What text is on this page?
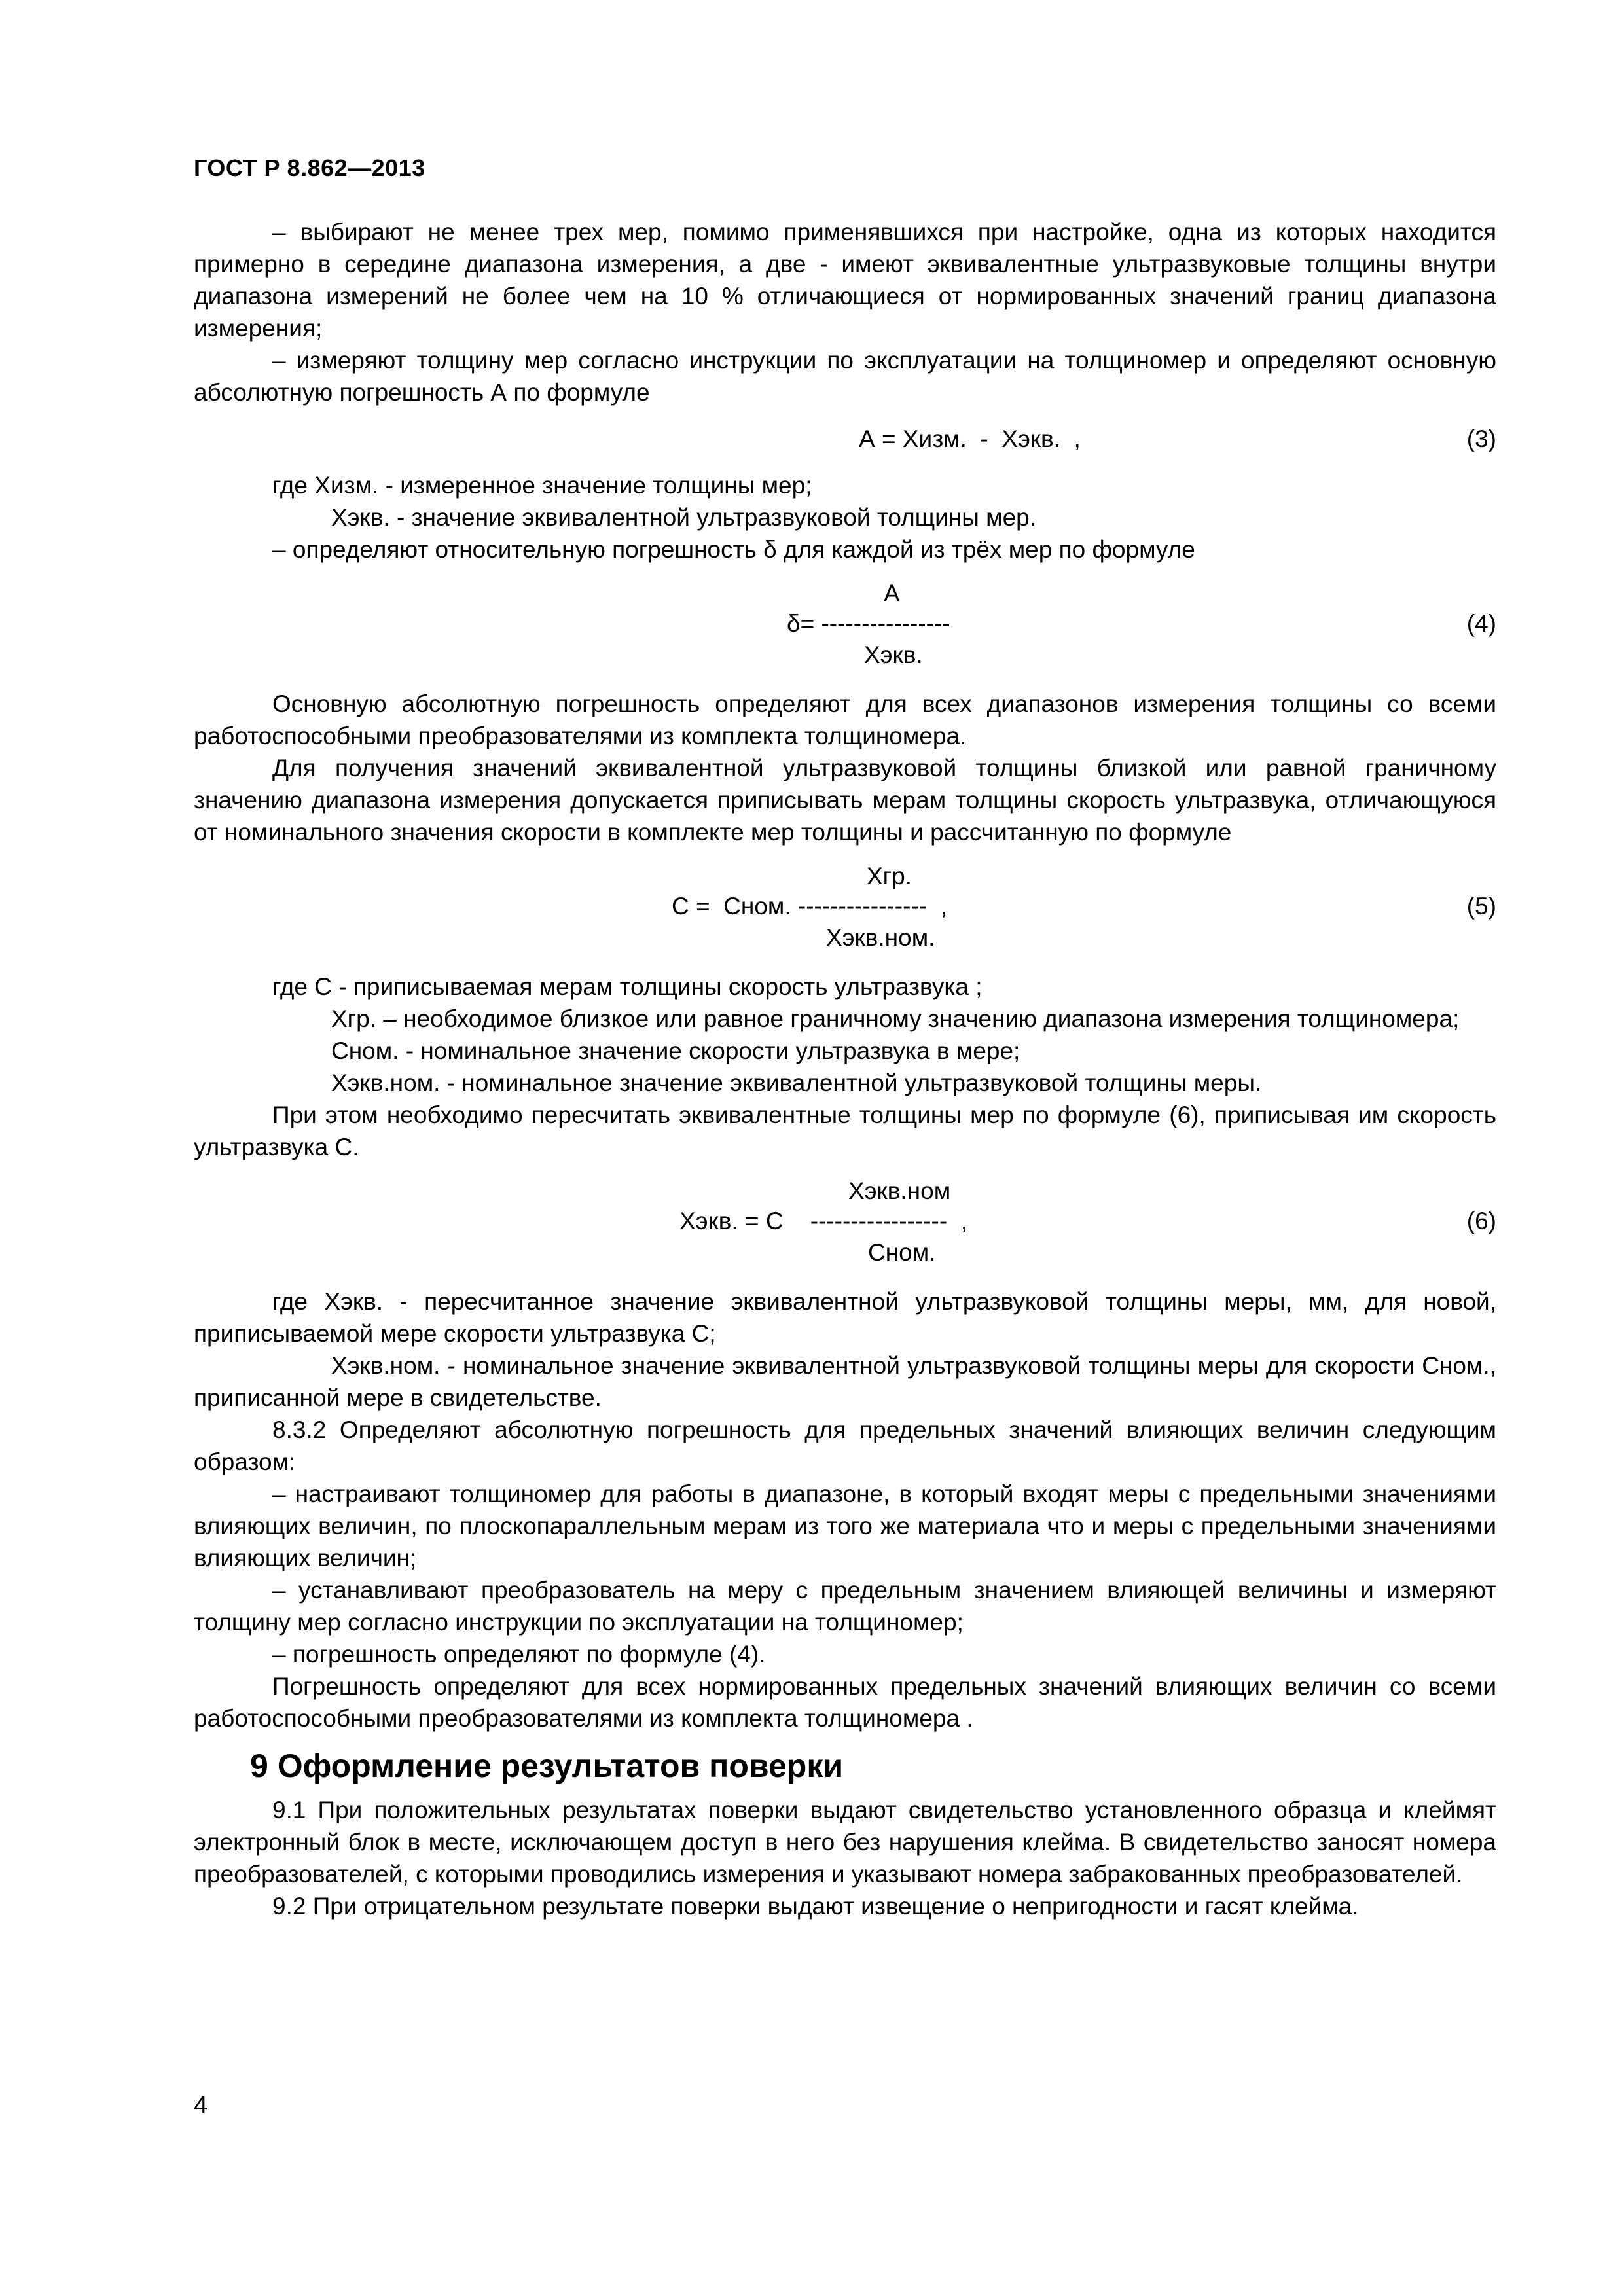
ГОСТ Р 8.862—2013

– выбирают не менее трех мер, помимо применявшихся при настройке, одна из которых находится примерно в середине диапазона измерения, а две - имеют эквивалентные ультразвуковые толщины внутри диапазона измерений не более чем на 10 % отличающиеся от нормированных значений границ диапазона измерения;

– измеряют толщину мер согласно инструкции по эксплуатации на толщиномер и определяют основную абсолютную погрешность А по формуле

А = Хизм.  -  Хэкв.  ,	(3)

где Хизм. - измеренное значение толщины мер;

Хэкв. - значение эквивалентной ультразвуковой толщины мер.

– определяют относительную погрешность δ для каждой из трёх мер по формуле

А
δ= ----------------
Хэкв.
(4)

Основную абсолютную погрешность определяют для всех диапазонов измерения толщины со всеми работоспособными преобразователями из комплекта толщиномера.

Для получения значений эквивалентной ультразвуковой толщины близкой или равной граничному значению диапазона измерения допускается приписывать мерам толщины скорость ультразвука, отличающуюся от номинального значения скорости в комплекте мер толщины и рассчитанную по формуле

Хгр.
С =  Сном. ----------------  ,
Хэкв.ном.
(5)

где С - приписываемая мерам толщины скорость ультразвука ;

Хгр. – необходимое близкое или равное граничному значению диапазона измерения толщиномера;

Сном. - номинальное значение скорости ультразвука в мере;

Хэкв.ном. - номинальное значение эквивалентной ультразвуковой толщины меры.

При этом необходимо пересчитать эквивалентные толщины мер по формуле (6), приписывая им скорость ультразвука С.

Хэкв.ном
Хэкв. = С    -----------------  ,
Сном.
(6)

где Хэкв. - пересчитанное значение эквивалентной ультразвуковой толщины меры, мм, для новой, приписываемой мере скорости ультразвука С;

Хэкв.ном. - номинальное значение эквивалентной ультразвуковой толщины меры для скорости Сном., приписанной мере в свидетельстве.

8.3.2 Определяют абсолютную погрешность для предельных значений влияющих величин следующим образом:

– настраивают толщиномер для работы в диапазоне, в который входят меры с предельными значениями влияющих величин, по плоскопараллельным мерам из того же материала что и меры с предельными значениями влияющих величин;

– устанавливают преобразователь на меру с предельным значением влияющей величины и измеряют толщину мер согласно инструкции по эксплуатации на толщиномер;

– погрешность определяют по формуле (4).

Погрешность определяют для всех нормированных предельных значений влияющих величин со всеми работоспособными преобразователями из комплекта толщиномера .

9 Оформление результатов поверки

9.1 При положительных результатах поверки выдают свидетельство установленного образца и клеймят электронный блок в месте, исключающем доступ в него без нарушения клейма. В свидетельство заносят номера преобразователей, с которыми проводились измерения и указывают номера забракованных преобразователей.

9.2 При отрицательном результате поверки выдают извещение о непригодности и гасят клейма.

4
